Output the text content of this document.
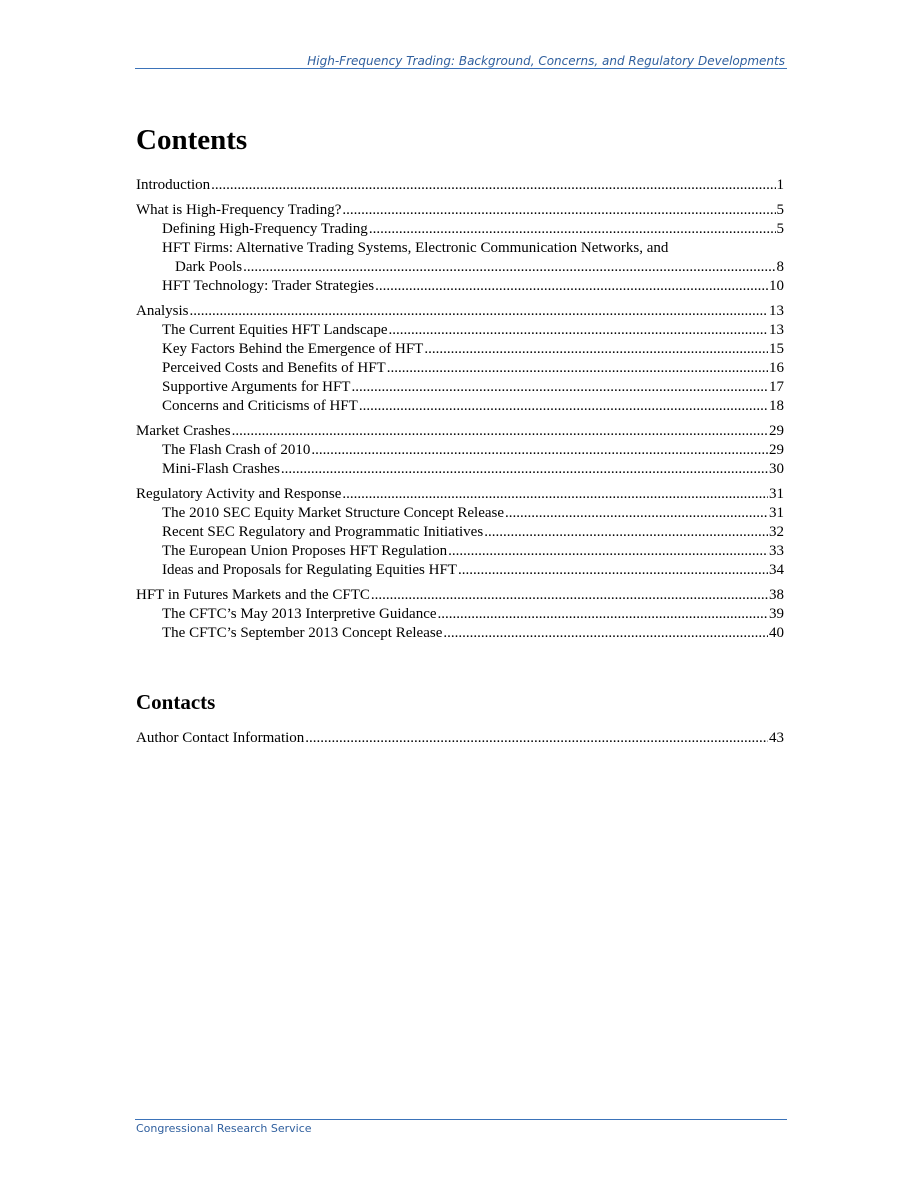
High-Frequency Trading: Background, Concerns, and Regulatory Developments
Contents
Introduction .....	1
What is High-Frequency Trading? .....	5
Defining High-Frequency Trading .....	5
HFT Firms: Alternative Trading Systems, Electronic Communication Networks, and
Dark Pools .....	8
HFT Technology: Trader Strategies .....	10
Analysis .....	13
The Current Equities HFT Landscape .....	13
Key Factors Behind the Emergence of HFT .....	15
Perceived Costs and Benefits of HFT .....	16
Supportive Arguments for HFT .....	17
Concerns and Criticisms of HFT .....	18
Market Crashes .....	29
The Flash Crash of 2010 .....	29
Mini-Flash Crashes .....	30
Regulatory Activity and Response .....	31
The 2010 SEC Equity Market Structure Concept Release .....	31
Recent SEC Regulatory and Programmatic Initiatives .....	32
The European Union Proposes HFT Regulation .....	33
Ideas and Proposals for Regulating Equities HFT .....	34
HFT in Futures Markets and the CFTC .....	38
The CFTC’s May 2013 Interpretive Guidance .....	39
The CFTC’s September 2013 Concept Release .....	40
Contacts
Author Contact Information .....	43
Congressional Research Service
